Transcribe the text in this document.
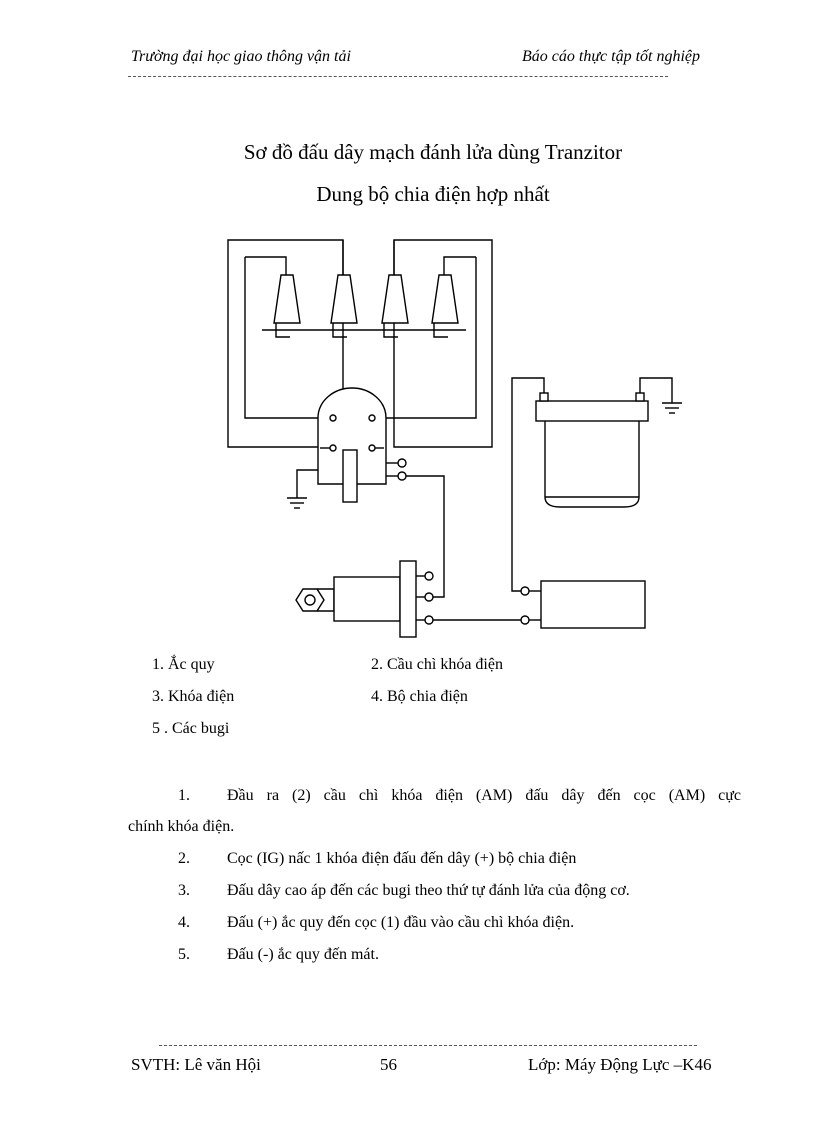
Trường đại học giao thông vận tải	Báo cáo thực tập tốt nghiệp
Sơ đồ đấu dây mạch đánh lửa dùng Tranzitor
Dung bộ chia điện hợp nhất
1. Ắc quy	2. Cầu chì khóa điện
3. Khóa điện	4. Bộ chia điện
5 . Các bugi
1. Đầu ra (2) cầu chì khóa điện (AM) đấu dây đến cọc (AM) cực
chính khóa điện.
2. Cọc (IG) nấc 1 khóa điện đấu đến dây (+) bộ chia điện
3. Đấu dây cao áp đến các bugi theo thứ tự đánh lửa của động cơ.
4. Đấu (+) ắc quy đến cọc (1) đầu vào cầu chì khóa điện.
5. Đấu (-) ắc quy đến mát.
SVTH: Lê văn Hội	56	Lớp: Máy Động Lực –K46
